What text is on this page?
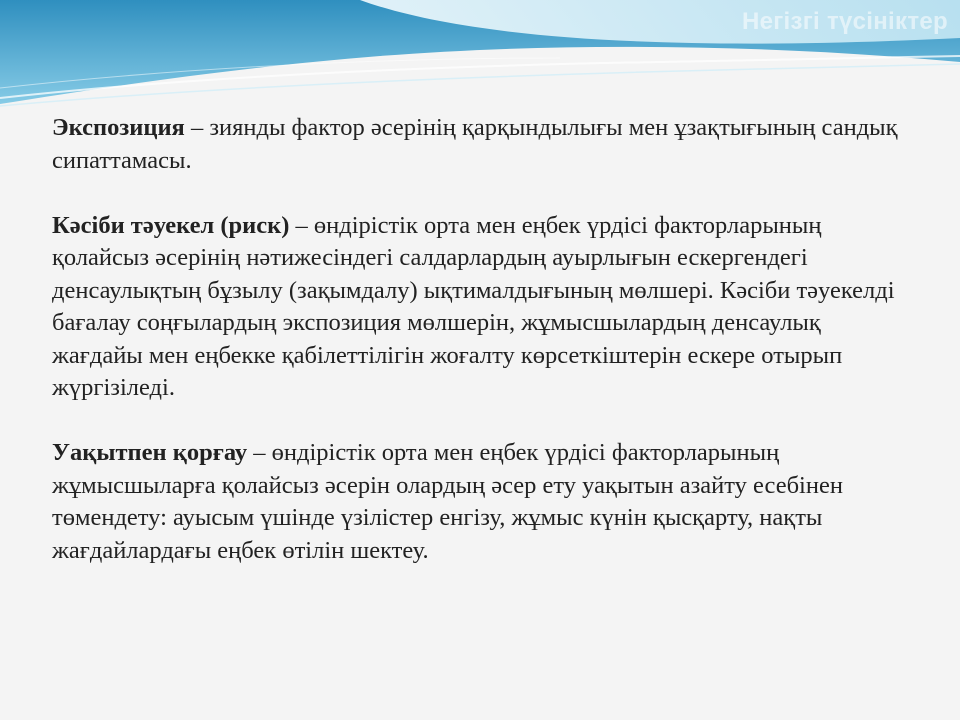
Негізгі түсініктер

Экспозиция – зиянды фактор әсерінің қарқындылығы мен ұзақтығының сандық сипаттамасы.

Кәсіби тәуекел (риск) – өндірістік орта мен еңбек үрдісі факторларының қолайсыз әсерінің нәтижесіндегі салдарлардың ауырлығын ескергендегі денсаулықтың бұзылу (зақымдалу) ықтималдығының мөлшері. Кәсіби тәуекелді бағалау соңғылардың экспозиция мөлшерін, жұмысшылардың денсаулық жағдайы мен еңбекке қабілеттілігін жоғалту көрсеткіштерін ескере отырып жүргізіледі.

Уақытпен қорғау – өндірістік орта мен еңбек үрдісі факторларының жұмысшыларға қолайсыз әсерін олардың әсер ету уақытын азайту есебінен төмендету: ауысым үшінде үзілістер енгізу, жұмыс күнін қысқарту, нақты жағдайлардағы еңбек өтілін шектеу.
